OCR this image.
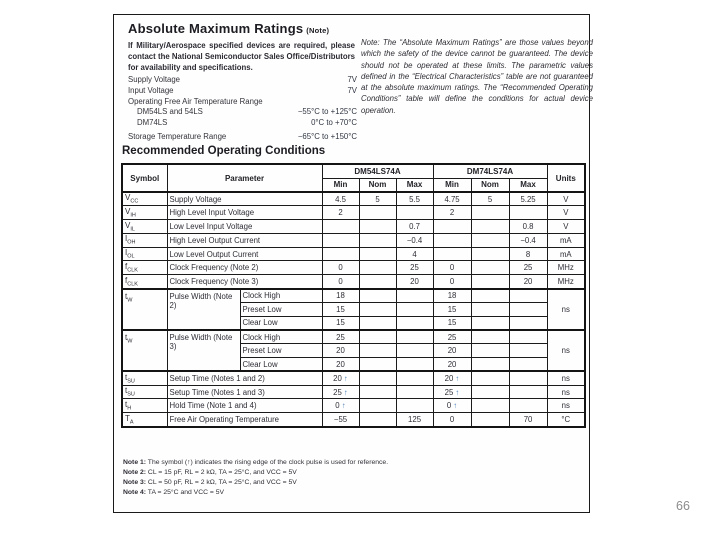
Absolute Maximum Ratings (Note)

If Military/Aerospace specified devices are required, please contact the National Semiconductor Sales Office/Distributors for availability and specifications.

Supply Voltage	7V
Input Voltage	7V
Operating Free Air Temperature Range
DM54LS and 54LS	−55°C to +125°C
DM74LS	0°C to +70°C
Storage Temperature Range	−65°C to +150°C

Note: The “Absolute Maximum Ratings” are those values beyond which the safety of the device cannot be guaranteed. The device should not be operated at these limits. The parametric values defined in the “Electrical Characteristics” table are not guaranteed at the absolute maximum ratings. The “Recommended Operating Conditions” table will define the conditions for actual device operation.

Recommended Operating Conditions
Symbol	Parameter		DM54LS74A			DM74LS74A			Units
			Min	Nom	Max	Min	Nom	Max	
$V_{CC}$	Supply Voltage		4.5	5	5.5	4.75	5	5.25	V
$V_{IH}$	High Level Input Voltage		2			2			V
$V_{IL}$	Low Level Input Voltage				0.7			0.8	V
$I_{OH}$	High Level Output Current				−0.4			−0.4	mA
$I_{OL}$	Low Level Output Current				4			8	mA
$f_{CLK}$	Clock Frequency (Note 2)		0		25	0		25	MHz
$f_{CLK}$	Clock Frequency (Note 3)		0		20	0		20	MHz
$t_W$	Pulse Width (Note 2)	Clock High	18			18			ns
		Preset Low	15			15			
		Clear Low	15			15			
$t_W$	Pulse Width (Note 3)	Clock High	25			25			ns
		Preset Low	20			20			
		Clear Low	20			20			
$t_{SU}$	Setup Time (Notes 1 and 2)		20 ↑			20 ↑			ns
$t_{SU}$	Setup Time (Notes 1 and 3)		25 ↑			25 ↑			ns
$t_H$	Hold Time (Note 1 and 4)		0 ↑			0 ↑			ns
$T_A$	Free Air Operating Temperature		−55		125	0		70	°C
Note 1: The symbol (↑) indicates the rising edge of the clock pulse is used for reference.
Note 2: CL = 15 pF, RL = 2 kΩ, TA = 25°C, and VCC = 5V
Note 3: CL = 50 pF, RL = 2 kΩ, TA = 25°C, and VCC = 5V
Note 4: TA = 25°C and VCC = 5V
66
